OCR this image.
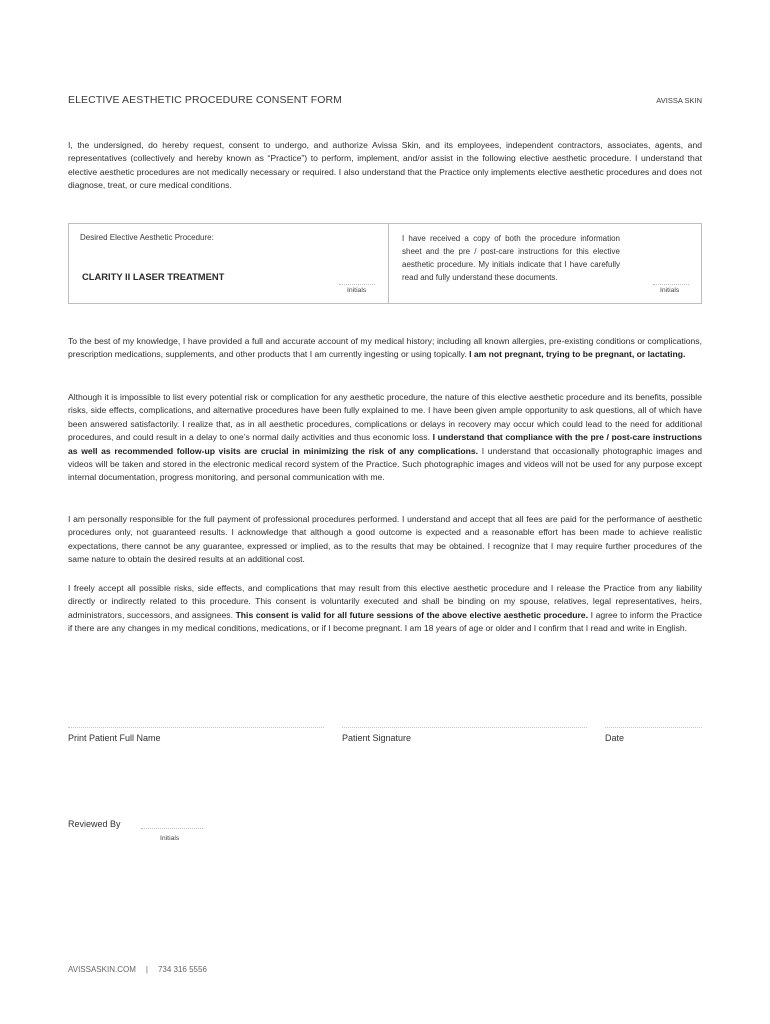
ELECTIVE AESTHETIC PROCEDURE CONSENT FORM	AVISSA SKIN

I, the undersigned, do hereby request, consent to undergo, and authorize Avissa Skin, and its employees, independent contractors, associates, agents, and representatives (collectively and hereby known as “Practice”) to perform, implement, and/or assist in the following elective aesthetic procedure. I understand that elective aesthetic procedures are not medically necessary or required. I also understand that the Practice only implements elective aesthetic procedures and does not diagnose, treat, or cure medical conditions.

Desired Elective Aesthetic Procedure:
CLARITY II LASER TREATMENT
Initials
I have received a copy of both the procedure information sheet and the pre / post-care instructions for this elective aesthetic procedure. My initials indicate that I have carefully read and fully understand these documents.
Initials

To the best of my knowledge, I have provided a full and accurate account of my medical history; including all known allergies, pre-existing conditions or complications, prescription medications, supplements, and other products that I am currently ingesting or using topically. I am not pregnant, trying to be pregnant, or lactating.

Although it is impossible to list every potential risk or complication for any aesthetic procedure, the nature of this elective aesthetic procedure and its benefits, possible risks, side effects, complications, and alternative procedures have been fully explained to me. I have been given ample opportunity to ask questions, all of which have been answered satisfactorily. I realize that, as in all aesthetic procedures, complications or delays in recovery may occur which could lead to the need for additional procedures, and could result in a delay to one’s normal daily activities and thus economic loss. I understand that compliance with the pre / post-care instructions as well as recommended follow-up visits are crucial in minimizing the risk of any complications. I understand that occasionally photographic images and videos will be taken and stored in the electronic medical record system of the Practice. Such photographic images and videos will not be used for any purpose except internal documentation, progress monitoring, and personal communication with me.

I am personally responsible for the full payment of professional procedures performed. I understand and accept that all fees are paid for the performance of aesthetic procedures only, not guaranteed results. I acknowledge that although a good outcome is expected and a reasonable effort has been made to achieve realistic expectations, there cannot be any guarantee, expressed or implied, as to the results that may be obtained. I recognize that I may require further procedures of the same nature to obtain the desired results at an additional cost.

I freely accept all possible risks, side effects, and complications that may result from this elective aesthetic procedure and I release the Practice from any liability directly or indirectly related to this procedure. This consent is voluntarily executed and shall be binding on my spouse, relatives, legal representatives, heirs, administrators, successors, and assignees. This consent is valid for all future sessions of the above elective aesthetic procedure. I agree to inform the Practice if there are any changes in my medical conditions, medications, or if I become pregnant. I am 18 years of age or older and I confirm that I read and write in English.

Print Patient Full Name	Patient Signature	Date
Reviewed By
Initials
AVISSASKIN.COM | 734 316 5556
